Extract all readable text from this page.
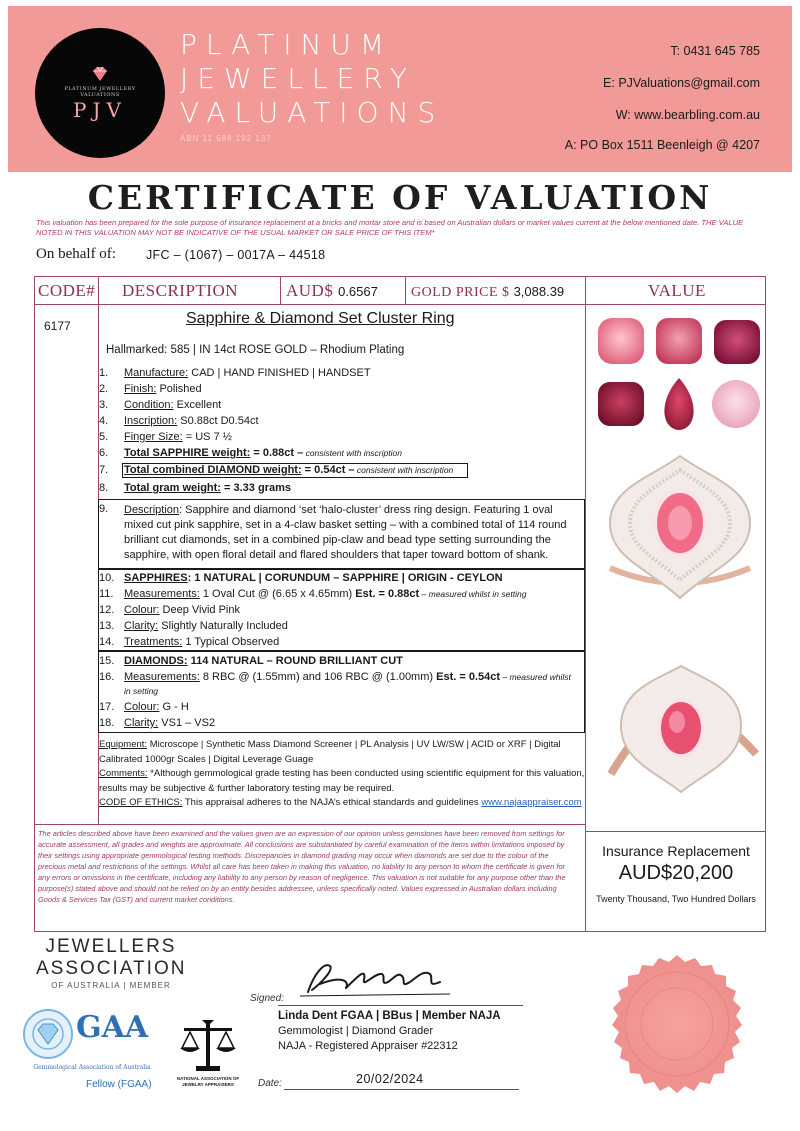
PLATINUM JEWELLERY VALUATIONS
PJV
PLATINUM
JEWELLERY
VALUATIONS
ABN 11 588 192 137
T: 0431 645 785
E: PJValuations@gmail.com
W: www.bearbling.com.au
A: PO Box 1511 Beenleigh @ 4207
CERTIFICATE OF VALUATION
This valuation has been prepared for the sole purpose of insurance replacement at a bricks and mortar store and is based on Australian dollars or market values current at the below mentioned date. THE VALUE NOTED IN THIS VALUATION MAY NOT BE INDICATIVE OF THE USUAL MARKET OR SALE PRICE OF THIS ITEM*
On behalf of: JFC – (1067) – 0017A – 44518
CODE# DESCRIPTION	AUD$ 0.6567 GOLD PRICE $ 3,088.39	VALUE
6177	Sapphire & Diamond Set Cluster Ring
Hallmarked: 585 | IN 14ct ROSE GOLD – Rhodium Plating
1. Manufacture: CAD | HAND FINISHED | HANDSET
2. Finish: Polished
3. Condition: Excellent
4. Inscription: S0.88ct D0.54ct
5. Finger Size: = US 7 ½
6. Total SAPPHIRE weight: = 0.88ct – consistent with inscription
7. Total combined DIAMOND weight: = 0.54ct – consistent with inscription
8. Total gram weight: = 3.33 grams
9. Description: Sapphire and diamond ‘set ‘halo-cluster’ dress ring design. Featuring 1 oval mixed cut pink sapphire, set in a 4-claw basket setting – with a combined total of 114 round brilliant cut diamonds, set in a combined pip-claw and bead type setting surrounding the sapphire, with open floral detail and flared shoulders that taper toward bottom of shank.
10. SAPPHIRES: 1 NATURAL | CORUNDUM – SAPPHIRE | ORIGIN - CEYLON
11. Measurements: 1 Oval Cut @ (6.65 x 4.65mm) Est. = 0.88ct – measured whilst in setting
12. Colour: Deep Vivid Pink
13. Clarity: Slightly Naturally Included
14. Treatments: 1 Typical Observed
15. DIAMONDS: 114 NATURAL – ROUND BRILLIANT CUT
16. Measurements: 8 RBC @ (1.55mm) and 106 RBC @ (1.00mm) Est. = 0.54ct – measured whilst
in setting
17. Colour: G - H
18. Clarity: VS1 – VS2
Equipment: Microscope | Synthetic Mass Diamond Screener | PL Analysis | UV LW/SW | ACID or XRF | Digital Calibrated 1000gr Scales | Digital Leverage Guage
Comments: *Although gemmological grade testing has been conducted using scientific equipment for this valuation, results may be subjective & further laboratory testing may be required.
CODE OF ETHICS: This appraisal adheres to the NAJA’s ethical standards and guidelines www.najaappraiser.com
The articles described above have been examined and the values given are an expression of our opinion unless gemstones have been removed from settings for accurate assessment, all grades and weights are approximate. All conclusions are substantiated by careful examination of the items within limitations imposed by their settings using appropriate gemmological testing methods. Discrepancies in diamond grading may occur when diamonds are set due to the colour of the precious metal and restrictions of the settings. Whilst all care has been taken in making this valuation, no liability to any person to whom the certificate is given for any errors or omissions in the certificate, including any liability to any person by reason of negligence. This valuation is not suitable for any purpose other than the purpose(s) stated above and should not be relied on by an entity besides addressee, unless specifically noted. Values expressed in Australian dollars including Goods & Services Tax (GST) and current market conditions.
Insurance Replacement
AUD$20,200
Twenty Thousand, Two Hundred Dollars
JEWELLERS
ASSOCIATION
OF AUSTRALIA | MEMBER
GAA
Gemmological Association of Australia
Fellow (FGAA)
NATIONAL ASSOCIATION OF JEWELRY APPRAISERS
Signed:
Linda Dent FGAA | BBus | Member NAJA
Gemmologist | Diamond Grader
NAJA - Registered Appraiser #22312
Date:	20/02/2024
